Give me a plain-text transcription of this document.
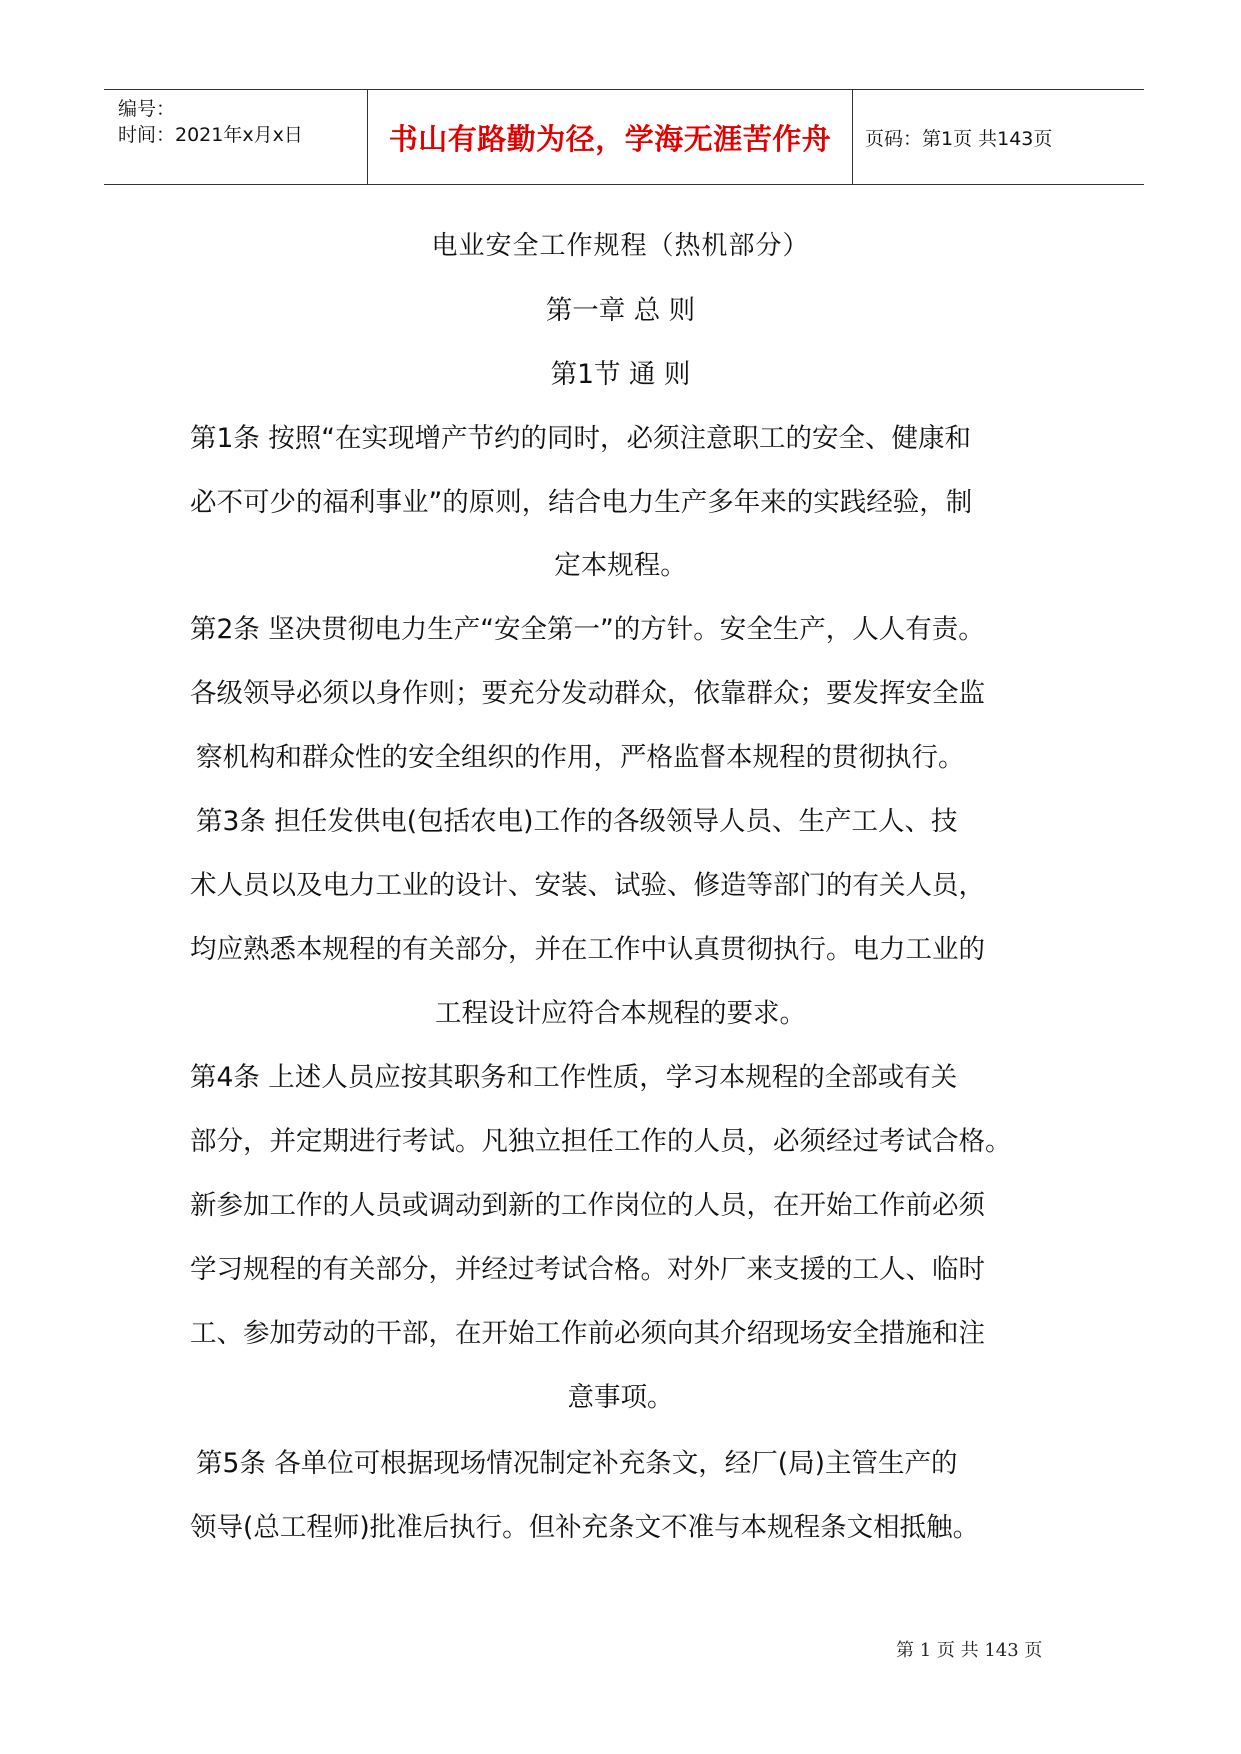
编号：
时间：2021年x月x日	书山有路勤为径，学海无涯苦作舟 页码：第1页 共143页
电业安全工作规程（热机部分）
第一章 总 则
第1节 通 则
第1条 按照“在实现增产节约的同时，必须注意职工的安全、健康和
必不可少的福利事业”的原则，结合电力生产多年来的实践经验，制
定本规程。
第2条 坚决贯彻电力生产“安全第一”的方针。安全生产，人人有责。
各级领导必须以身作则；要充分发动群众，依靠群众；要发挥安全监
察机构和群众性的安全组织的作用，严格监督本规程的贯彻执行。
第3条 担任发供电(包括农电)工作的各级领导人员、生产工人、技
术人员以及电力工业的设计、安装、试验、修造等部门的有关人员，
均应熟悉本规程的有关部分，并在工作中认真贯彻执行。电力工业的
工程设计应符合本规程的要求。
第4条 上述人员应按其职务和工作性质，学习本规程的全部或有关
部分，并定期进行考试。凡独立担任工作的人员，必须经过考试合格。
新参加工作的人员或调动到新的工作岗位的人员，在开始工作前必须
学习规程的有关部分，并经过考试合格。对外厂来支援的工人、临时
工、参加劳动的干部，在开始工作前必须向其介绍现场安全措施和注
意事项。
第5条 各单位可根据现场情况制定补充条文，经厂(局)主管生产的
领导(总工程师)批准后执行。但补充条文不准与本规程条文相抵触。
第 1 页 共 143 页
